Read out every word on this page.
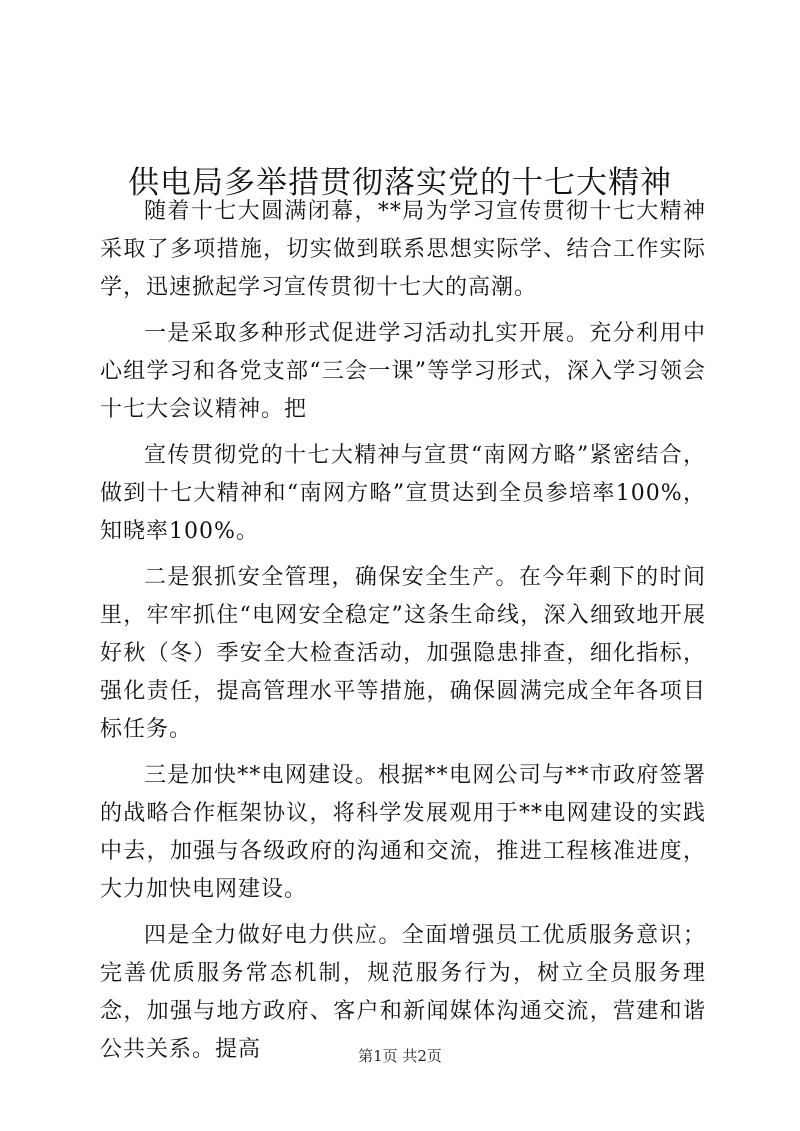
供电局多举措贯彻落实党的十七大精神

随着十七大圆满闭幕，**局为学习宣传贯彻十七大精神采取了多项措施，切实做到联系思想实际学、结合工作实际学，迅速掀起学习宣传贯彻十七大的高潮。

一是采取多种形式促进学习活动扎实开展。充分利用中心组学习和各党支部“三会一课”等学习形式，深入学习领会十七大会议精神。把

宣传贯彻党的十七大精神与宣贯“南网方略”紧密结合，做到十七大精神和“南网方略”宣贯达到全员参培率100%，知晓率100%。

二是狠抓安全管理，确保安全生产。在今年剩下的时间里，牢牢抓住“电网安全稳定”这条生命线，深入细致地开展好秋（冬）季安全大检查活动，加强隐患排查，细化指标，强化责任，提高管理水平等措施，确保圆满完成全年各项目标任务。

三是加快**电网建设。根据**电网公司与**市政府签署的战略合作框架协议，将科学发展观用于**电网建设的实践中去，加强与各级政府的沟通和交流，推进工程核准进度，大力加快电网建设。

四是全力做好电力供应。全面增强员工优质服务意识；完善优质服务常态机制，规范服务行为，树立全员服务理念，加强与地方政府、客户和新闻媒体沟通交流，营建和谐公共关系。提高	第1页 共2页
